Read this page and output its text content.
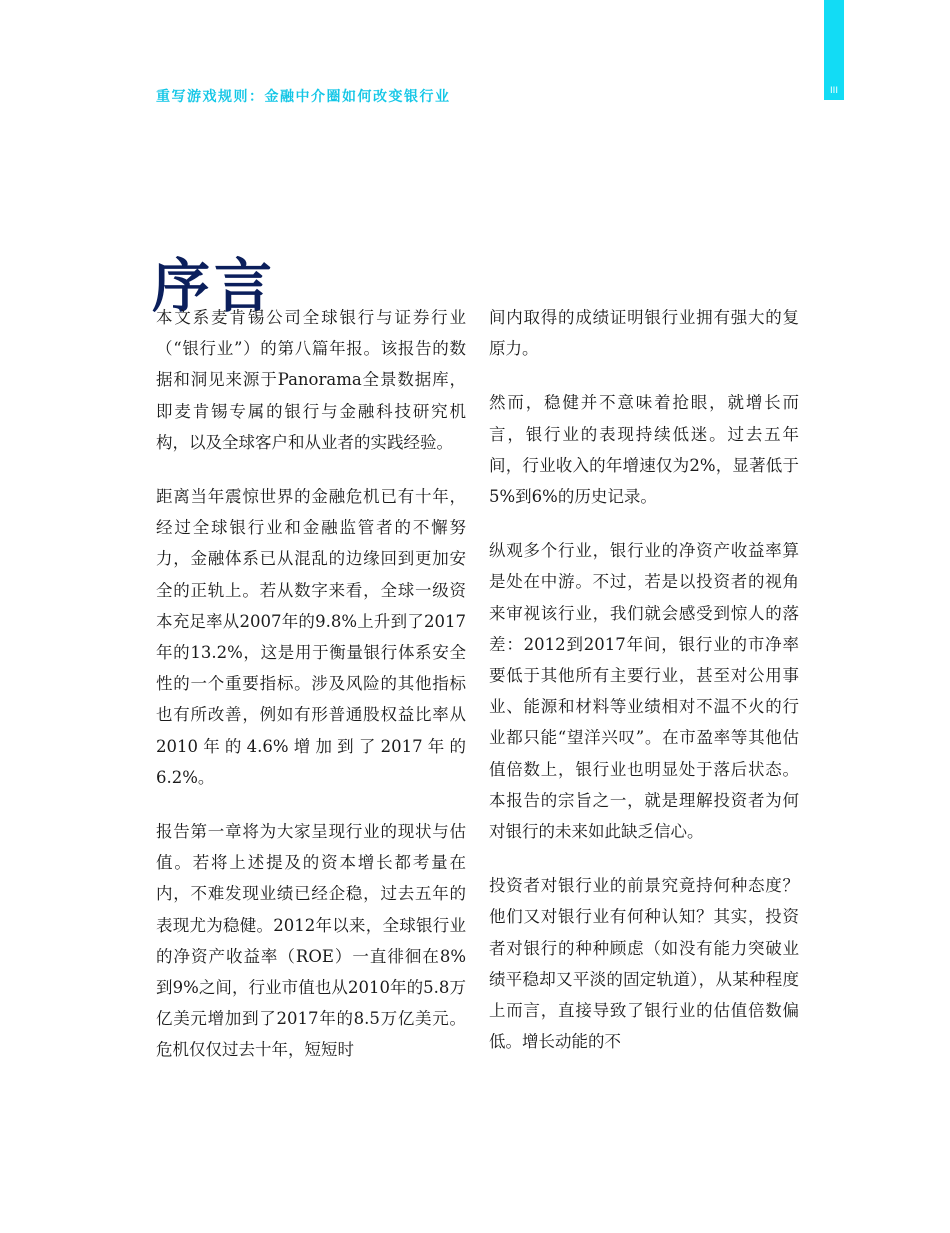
重写游戏规则：金融中介圈如何改变银行业	III
序言

本文系麦肯锡公司全球银行与证券行业（“银行业”）的第八篇年报。该报告的数据和洞见来源于Panorama全景数据库，即麦肯锡专属的银行与金融科技研究机构，以及全球客户和从业者的实践经验。

距离当年震惊世界的金融危机已有十年，经过全球银行业和金融监管者的不懈努力，金融体系已从混乱的边缘回到更加安全的正轨上。若从数字来看，全球一级资本充足率从2007年的9.8%上升到了2017年的13.2%，这是用于衡量银行体系安全性的一个重要指标。涉及风险的其他指标也有所改善，例如有形普通股权益比率从2010年的4.6%增加到了2017年的6.2%。

报告第一章将为大家呈现行业的现状与估值。若将上述提及的资本增长都考量在内，不难发现业绩已经企稳，过去五年的表现尤为稳健。2012年以来，全球银行业的净资产收益率（ROE）一直徘徊在8%到9%之间，行业市值也从2010年的5.8万亿美元增加到了2017年的8.5万亿美元。危机仅仅过去十年，短短时

间内取得的成绩证明银行业拥有强大的复原力。

然而，稳健并不意味着抢眼，就增长而言，银行业的表现持续低迷。过去五年间，行业收入的年增速仅为2%，显著低于5%到6%的历史记录。

纵观多个行业，银行业的净资产收益率算是处在中游。不过，若是以投资者的视角来审视该行业，我们就会感受到惊人的落差：2012到2017年间，银行业的市净率要低于其他所有主要行业，甚至对公用事业、能源和材料等业绩相对不温不火的行业都只能“望洋兴叹”。在市盈率等其他估值倍数上，银行业也明显处于落后状态。本报告的宗旨之一，就是理解投资者为何对银行的未来如此缺乏信心。

投资者对银行业的前景究竟持何种态度？他们又对银行业有何种认知？其实，投资者对银行的种种顾虑（如没有能力突破业绩平稳却又平淡的固定轨道），从某种程度上而言，直接导致了银行业的估值倍数偏低。增长动能的不
